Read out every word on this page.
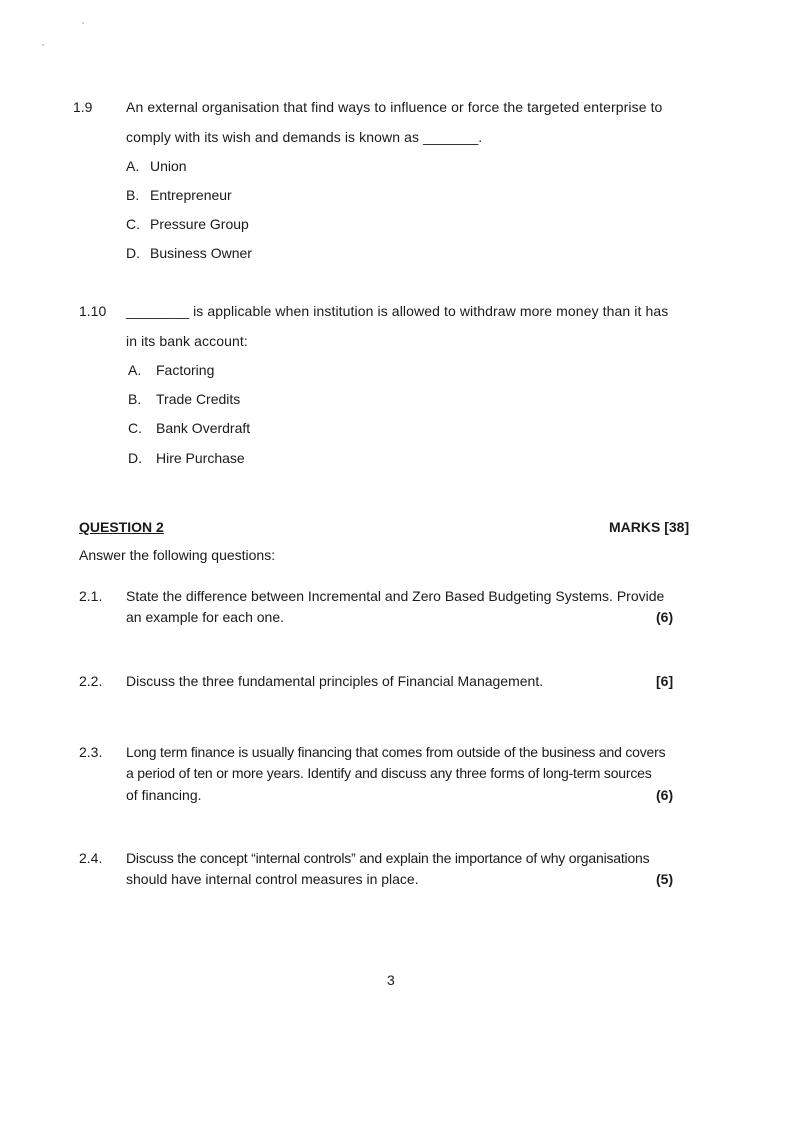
1.9 An external organisation that find ways to influence or force the targeted enterprise to
comply with its wish and demands is known as _______.
A. Union
B. Entrepreneur
C. Pressure Group
D. Business Owner
1.10 ________ is applicable when institution is allowed to withdraw more money than it has
in its bank account:
A. Factoring
B. Trade Credits
C. Bank Overdraft
D. Hire Purchase
QUESTION 2	MARKS [38]
Answer the following questions:
2.1. State the difference between Incremental and Zero Based Budgeting Systems. Provide
an example for each one.	(6)
2.2. Discuss the three fundamental principles of Financial Management.	[6]
2.3. Long term finance is usually financing that comes from outside of the business and covers
a period of ten or more years. Identify and discuss any three forms of long-term sources
of financing.	(6)
2.4. Discuss the concept “internal controls” and explain the importance of why organisations
should have internal control measures in place.	(5)
3
